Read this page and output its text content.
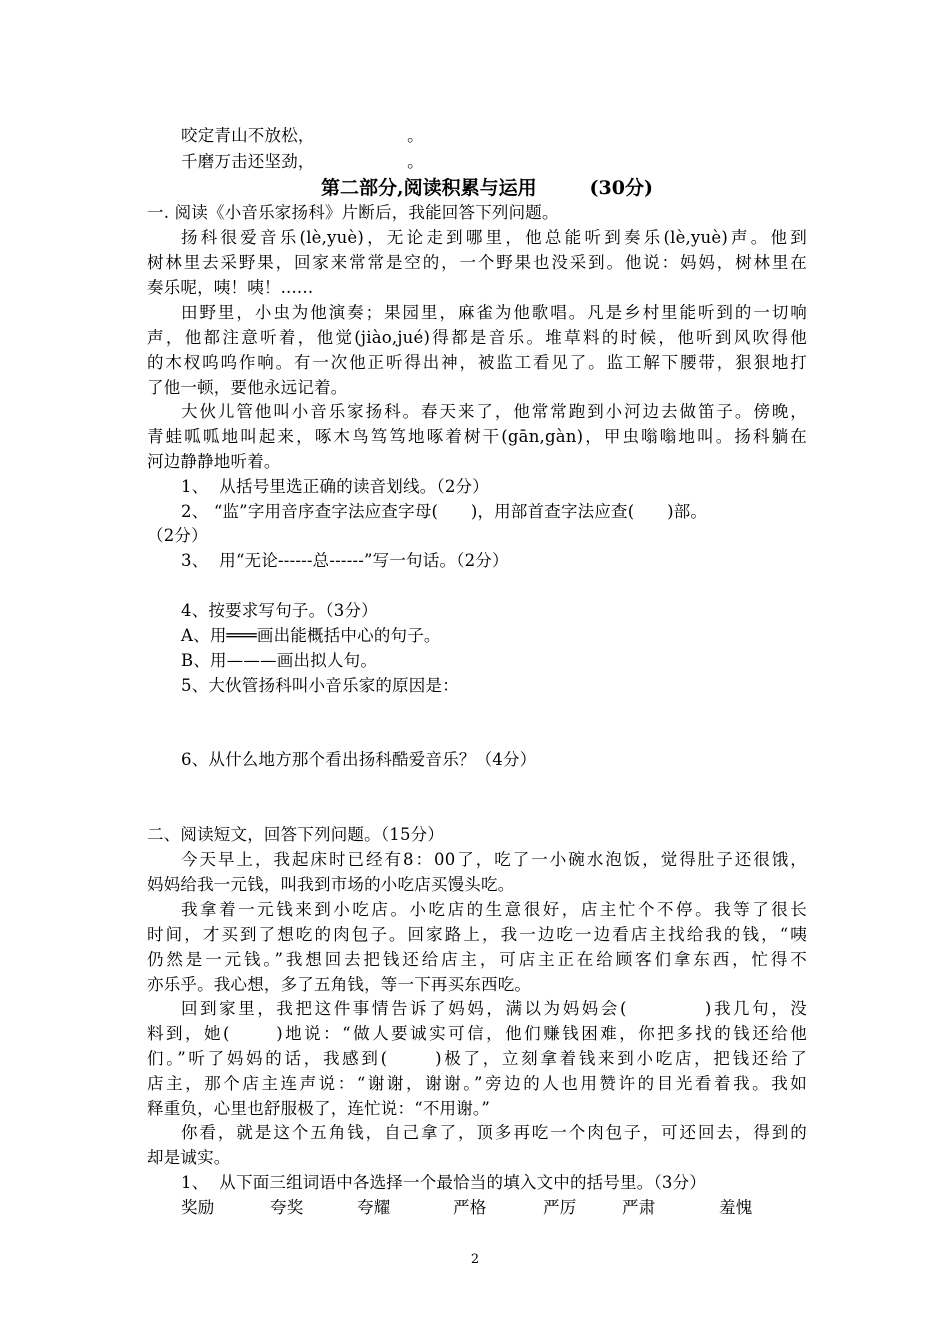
咬定青山不放松，                 。
千磨万击还坚劲，                 。
第二部分,阅读积累与运用        (30分)
一. 阅读《小音乐家扬科》片断后，我能回答下列问题。
扬科很爱音乐(lè,yuè)，无论走到哪里，他总能听到奏乐(lè,yuè)声。他到
树林里去采野果，回家来常常是空的，一个野果也没采到。他说：妈妈，树林里在
奏乐呢，咦！咦！......
田野里，小虫为他演奏；果园里，麻雀为他歌唱。凡是乡村里能听到的一切响
声，他都注意听着，他觉(jiào,jué)得都是音乐。堆草料的时候，他听到风吹得他
的木杈呜呜作响。有一次他正听得出神，被监工看见了。监工解下腰带，狠狠地打
了他一顿，要他永远记着。
大伙儿管他叫小音乐家扬科。春天来了，他常常跑到小河边去做笛子。傍晚，
青蛙呱呱地叫起来，啄木鸟笃笃地啄着树干(gān,gàn)，甲虫嗡嗡地叫。扬科躺在
河边静静地听着。
1、  从括号里选正确的读音划线。（2分）
2、 “监”字用音序查字法应查字母(      )，用部首查字法应查(      )部。
（2分）
3、  用“无论------总------”写一句话。（2分）
4、按要求写句子。（3分）
A、用═══画出能概括中心的句子。
B、用———画出拟人句。
5、大伙管扬科叫小音乐家的原因是：
6、从什么地方那个看出扬科酷爱音乐？（4分）
二、阅读短文，回答下列问题。（15分）
今天早上，我起床时已经有8：00了，吃了一小碗水泡饭，觉得肚子还很饿，
妈妈给我一元钱，叫我到市场的小吃店买馒头吃。
我拿着一元钱来到小吃店。小吃店的生意很好，店主忙个不停。我等了很长
时间，才买到了想吃的肉包子。回家路上，我一边吃一边看店主找给我的钱，“咦
仍然是一元钱。”我想回去把钱还给店主，可店主正在给顾客们拿东西，忙得不
亦乐乎。我心想，多了五角钱，等一下再买东西吃。
回到家里，我把这件事情告诉了妈妈，满以为妈妈会(          )我几句，没
料到，她(      )地说：“做人要诚实可信，他们赚钱困难，你把多找的钱还给他
们。”听了妈妈的话，我感到(      )极了，立刻拿着钱来到小吃店，把钱还给了
店主，那个店主连声说：“谢谢，谢谢。”旁边的人也用赞许的目光看着我。我如
释重负，心里也舒服极了，连忙说：“不用谢。”
你看，就是这个五角钱，自己拿了，顶多再吃一个肉包子，可还回去，得到的
却是诚实。
1、  从下面三组词语中各选择一个最恰当的填入文中的括号里。（3分）
奖励	夸奖	夸耀	严格	严厉	严肃	羞愧
2
